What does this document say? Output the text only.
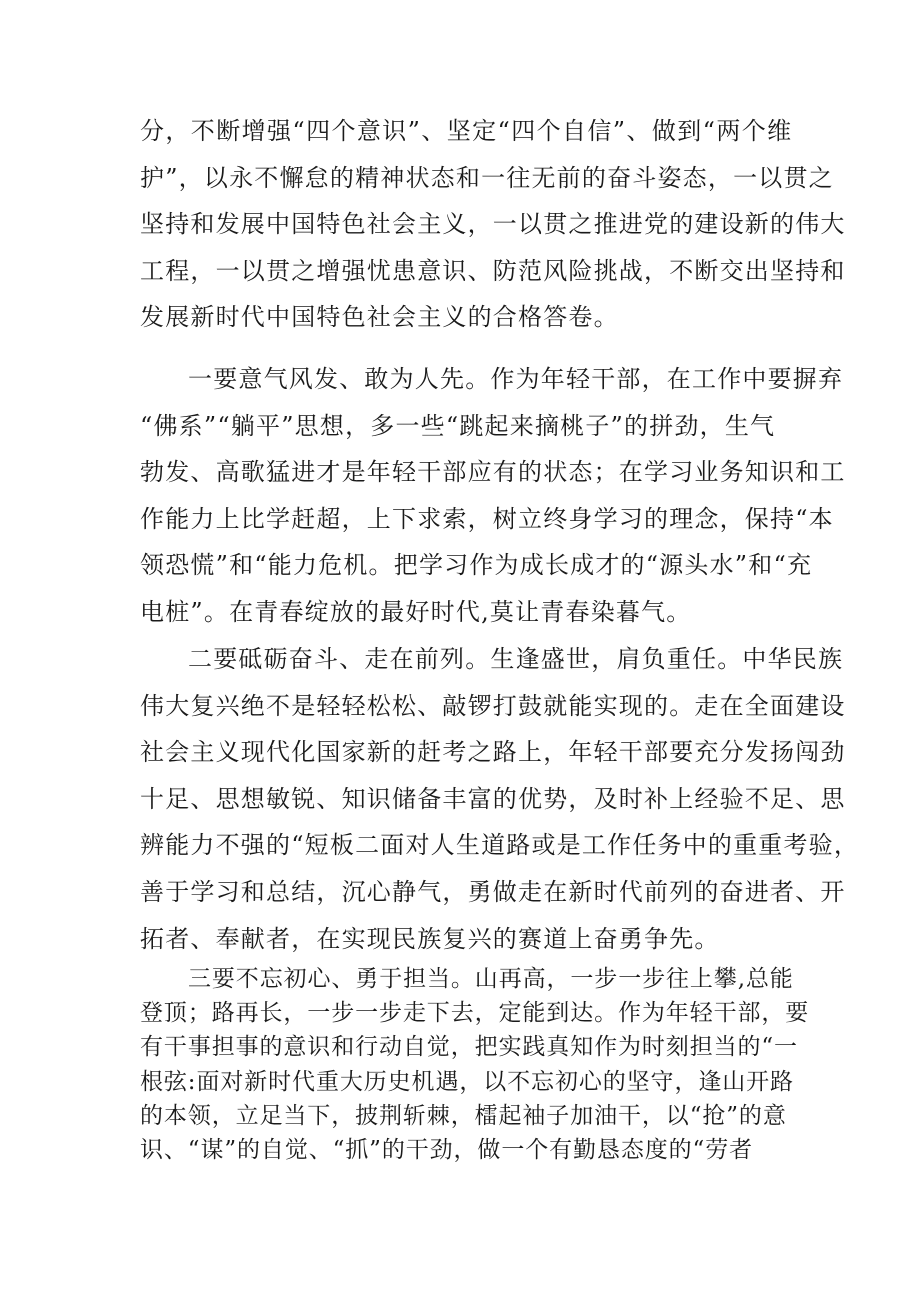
分，不断增强“四个意识”、坚定“四个自信”、做到“两个维
护”，以永不懈怠的精神状态和一往无前的奋斗姿态，一以贯之
坚持和发展中国特色社会主义，一以贯之推进党的建设新的伟大
工程，一以贯之增强忧患意识、防范风险挑战，不断交出坚持和
发展新时代中国特色社会主义的合格答卷。
一要意气风发、敢为人先。作为年轻干部，在工作中要摒弃
“佛系”“躺平”思想，多一些“跳起来摘桃子”的拼劲，生气
勃发、高歌猛进才是年轻干部应有的状态；在学习业务知识和工
作能力上比学赶超，上下求索，树立终身学习的理念，保持“本
领恐慌”和“能力危机。把学习作为成长成才的“源头水”和“充
电桩”。在青春绽放的最好时代,莫让青春染暮气。
二要砥砺奋斗、走在前列。生逢盛世，肩负重任。中华民族
伟大复兴绝不是轻轻松松、敲锣打鼓就能实现的。走在全面建设
社会主义现代化国家新的赶考之路上，年轻干部要充分发扬闯劲
十足、思想敏锐、知识储备丰富的优势，及时补上经验不足、思
辨能力不强的“短板二面对人生道路或是工作任务中的重重考验，
善于学习和总结，沉心静气，勇做走在新时代前列的奋进者、开
拓者、奉献者，在实现民族复兴的赛道上奋勇争先。
三要不忘初心、勇于担当。山再高，一步一步往上攀,总能
登顶；路再长，一步一步走下去，定能到达。作为年轻干部，要
有干事担事的意识和行动自觉，把实践真知作为时刻担当的“一
根弦:面对新时代重大历史机遇，以不忘初心的坚守，逢山开路
的本领，立足当下，披荆斩棘，檑起袖子加油干，以“抢”的意
识、“谋”的自觉、“抓”的干劲，做一个有勤恳态度的“劳者
